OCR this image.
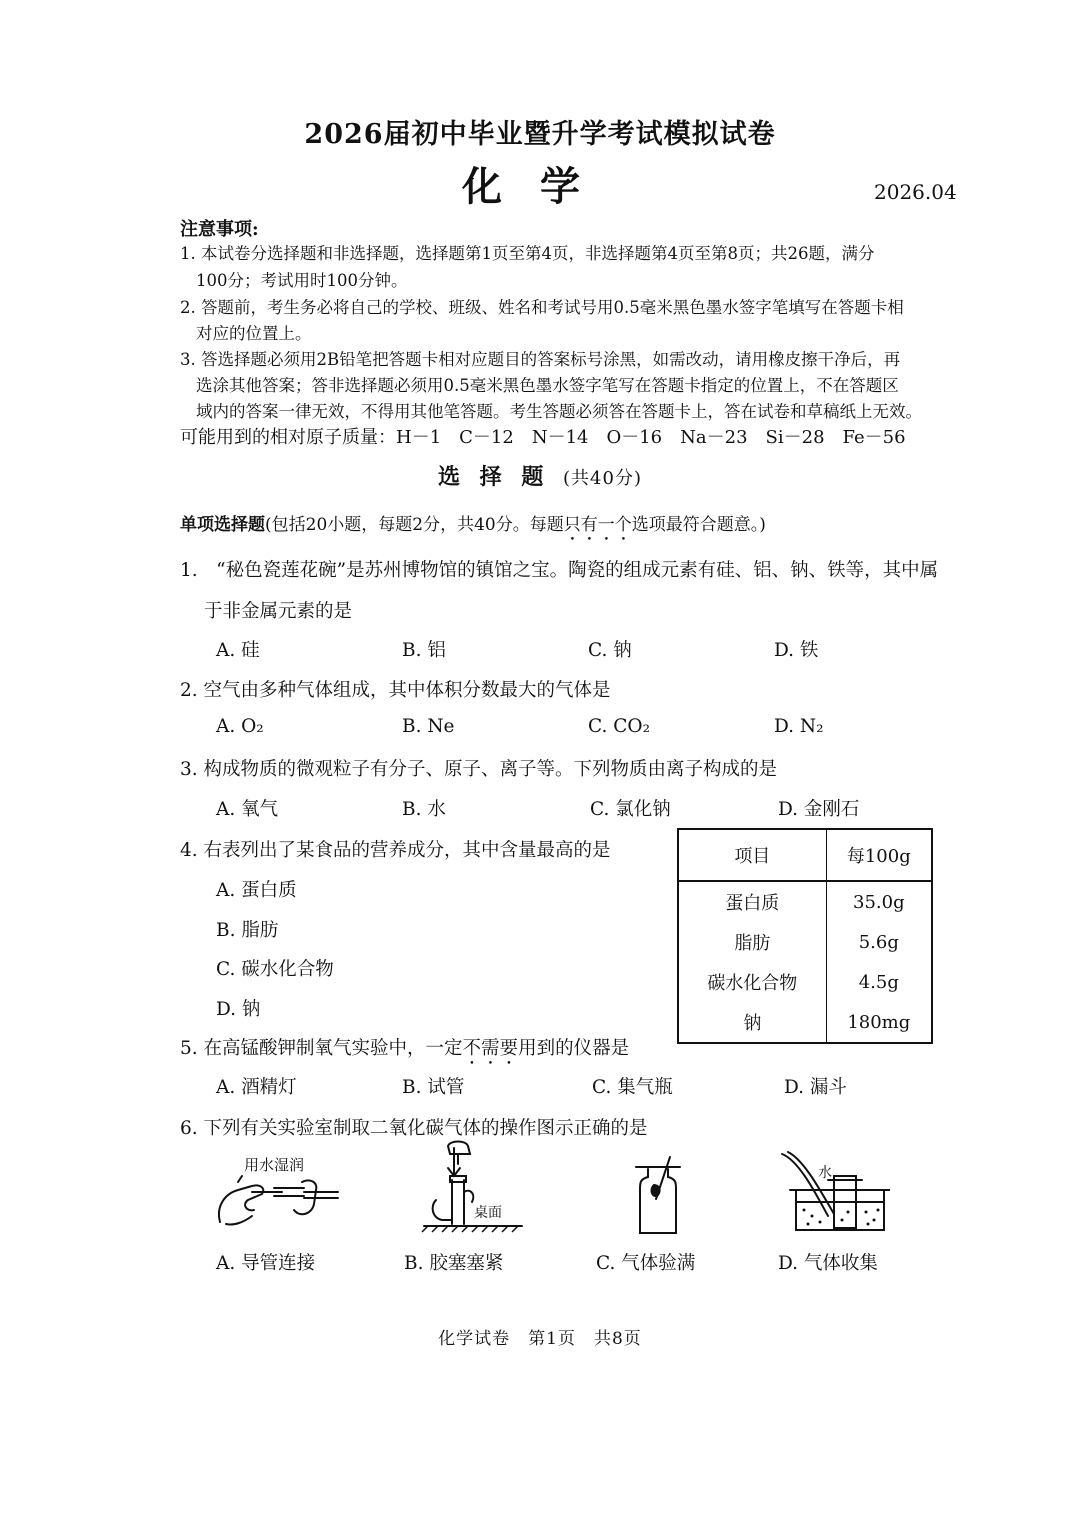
2026届初中毕业暨升学考试模拟试卷
化学	2026.04
注意事项:
1. 本试卷分选择题和非选择题，选择题第1页至第4页，非选择题第4页至第8页；共26题，满分
100分；考试用时100分钟。
2. 答题前，考生务必将自己的学校、班级、姓名和考试号用0.5毫米黑色墨水签字笔填写在答题卡相
对应的位置上。
3. 答选择题必须用2B铅笔把答题卡相对应题目的答案标号涂黑，如需改动，请用橡皮擦干净后，再
选涂其他答案；答非选择题必须用0.5毫米黑色墨水签字笔写在答题卡指定的位置上，不在答题区
域内的答案一律无效，不得用其他笔答题。考生答题必须答在答题卡上，答在试卷和草稿纸上无效。
可能用到的相对原子质量：H－1　C－12　N－14　O－16　Na－23　Si－28　Fe－56
选 择 题 (共40分)
单项选择题(包括20小题，每题2分，共40分。每题只有一个选项最符合题意。)
1.　“秘色瓷莲花碗”是苏州博物馆的镇馆之宝。陶瓷的组成元素有硅、铝、钠、铁等，其中属
于非金属元素的是
A. 硅	B. 铝	C. 钠	D. 铁
2. 空气由多种气体组成，其中体积分数最大的气体是
A. O₂	B. Ne	C. CO₂	D. N₂
3. 构成物质的微观粒子有分子、原子、离子等。下列物质由离子构成的是
A. 氧气	B. 水	C. 氯化钠	D. 金刚石
4. 右表列出了某食品的营养成分，其中含量最高的是
A. 蛋白质
B. 脂肪
C. 碳水化合物
D. 钠
项目	每100g
蛋白质	35.0g
脂肪	5.6g
碳水化合物	4.5g
钠	180mg
5. 在高锰酸钾制氧气实验中，一定不需要用到的仪器是
A. 酒精灯	B. 试管	C. 集气瓶	D. 漏斗
6. 下列有关实验室制取二氧化碳气体的操作图示正确的是
用水湿润
桌面
水
A. 导管连接	B. 胶塞塞紧	C. 气体验满	D. 气体收集
化学试卷　第1页　共8页
